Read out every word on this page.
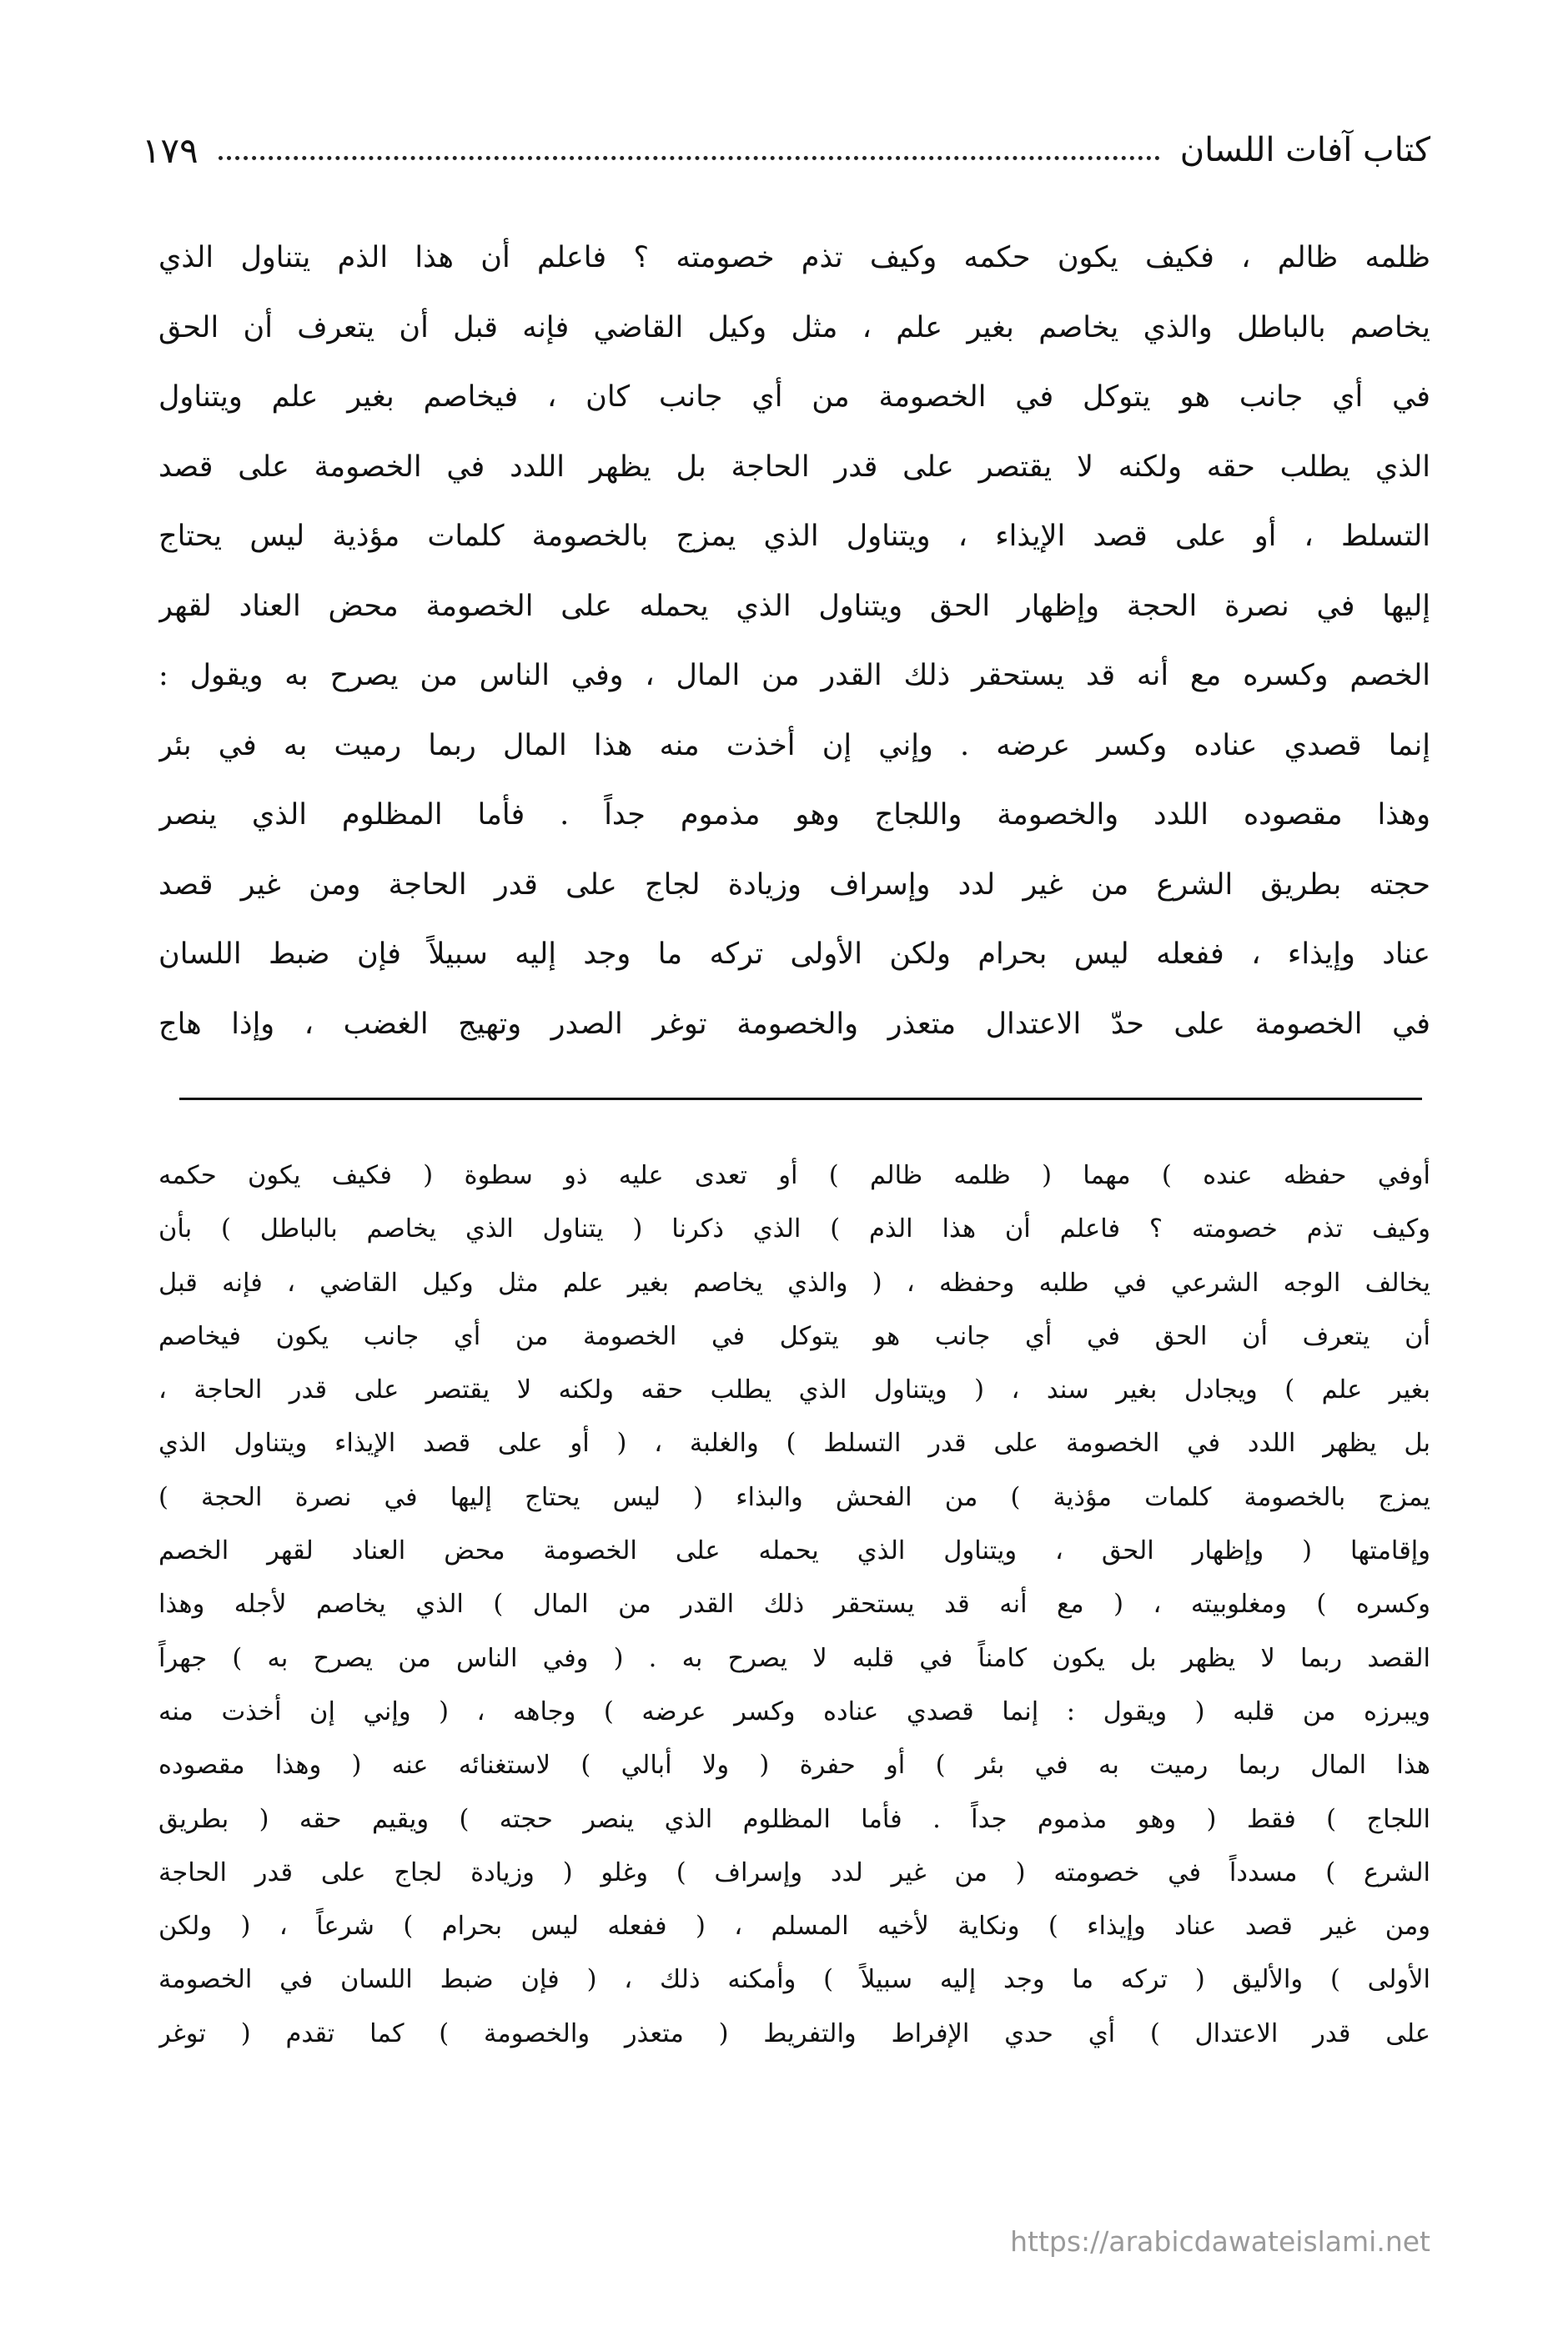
كتاب آفات اللسان
١٧٩
ظلمه ظالم ، فكيف يكون حكمه وكيف تذم خصومته ؟ فاعلم أن هذا الذم يتناول الذي
يخاصم بالباطل والذي يخاصم بغير علم ، مثل وكيل القاضي فإنه قبل أن يتعرف أن الحق
في أي جانب هو يتوكل في الخصومة من أي جانب كان ، فيخاصم بغير علم ويتناول
الذي يطلب حقه ولكنه لا يقتصر على قدر الحاجة بل يظهر اللدد في الخصومة على قصد
التسلط ، أو على قصد الإيذاء ، ويتناول الذي يمزج بالخصومة كلمات مؤذية ليس يحتاج
إليها في نصرة الحجة وإظهار الحق ويتناول الذي يحمله على الخصومة محض العناد لقهر
الخصم وكسره مع أنه قد يستحقر ذلك القدر من المال ، وفي الناس من يصرح به ويقول :
إنما قصدي عناده وكسر عرضه . وإني إن أخذت منه هذا المال ربما رميت به في بئر
وهذا مقصوده اللدد والخصومة واللجاج وهو مذموم جداً . فأما المظلوم الذي ينصر
حجته بطريق الشرع من غير لدد وإسراف وزيادة لجاج على قدر الحاجة ومن غير قصد
عناد وإيذاء ، ففعله ليس بحرام ولكن الأولى تركه ما وجد إليه سبيلاً فإن ضبط اللسان
في الخصومة على حدّ الاعتدال متعذر والخصومة توغر الصدر وتهيج الغضب ، وإذا هاج
أوفي حفظه عنده ) مهما ( ظلمه ظالم ) أو تعدى عليه ذو سطوة ( فكيف يكون حكمه
وكيف تذم خصومته ؟ فاعلم أن هذا الذم ) الذي ذكرنا ( يتناول الذي يخاصم بالباطل ) بأن
يخالف الوجه الشرعي في طلبه وحفظه ، ( والذي يخاصم بغير علم مثل وكيل القاضي ، فإنه قبل
أن يتعرف أن الحق في أي جانب هو يتوكل في الخصومة من أي جانب يكون فيخاصم
بغير علم ) ويجادل بغير سند ، ( ويتناول الذي يطلب حقه ولكنه لا يقتصر على قدر الحاجة ،
بل يظهر اللدد في الخصومة على قدر التسلط ) والغلبة ، ( أو على قصد الإيذاء ويتناول الذي
يمزج بالخصومة كلمات مؤذية ) من الفحش والبذاء ( ليس يحتاج إليها في نصرة الحجة )
وإقامتها ( وإظهار الحق ، ويتناول الذي يحمله على الخصومة محض العناد لقهر الخصم
وكسره ) ومغلوبيته ، ( مع أنه قد يستحقر ذلك القدر من المال ) الذي يخاصم لأجله وهذا
القصد ربما لا يظهر بل يكون كامناً في قلبه لا يصرح به . ( وفي الناس من يصرح به ) جهراً
ويبرزه من قلبه ( ويقول : إنما قصدي عناده وكسر عرضه ) وجاهه ، ( وإني إن أخذت منه
هذا المال ربما رميت به في بئر ) أو حفرة ( ولا أبالي ) لاستغنائه عنه ( وهذا مقصوده
اللجاج ) فقط ( وهو مذموم جداً . فأما المظلوم الذي ينصر حجته ) ويقيم حقه ( بطريق
الشرع ) مسدداً في خصومته ( من غير لدد وإسراف ) وغلو ( وزيادة لجاج على قدر الحاجة
ومن غير قصد عناد وإيذاء ) ونكاية لأخيه المسلم ، ( ففعله ليس بحرام ) شرعاً ، ( ولكن
الأولى ) والأليق ( تركه ما وجد إليه سبيلاً ) وأمكنه ذلك ، ( فإن ضبط اللسان في الخصومة
على قدر الاعتدال ) أي حدي الإفراط والتفريط ( متعذر والخصومة ) كما تقدم ( توغر
https://arabicdawateislami.net
